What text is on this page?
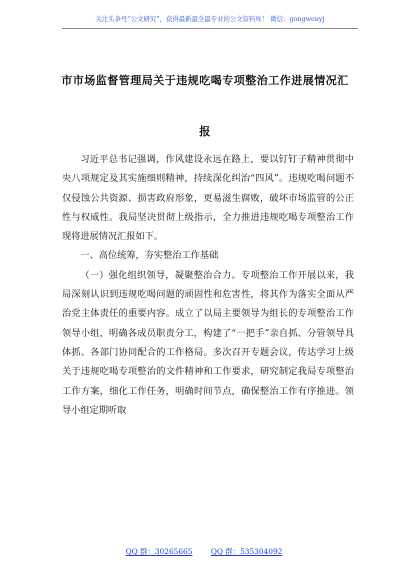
关注头条号“公文研究”，获得最新最全最专业的公文资料库！ 微信：gongwenyj
市市场监督管理局关于违规吃喝专项整治工作进展情况汇
报

习近平总书记强调，作风建设永远在路上，要以钉钉子精神贯彻中央八项规定及其实施细则精神，持续深化纠治“四风”。违规吃喝问题不仅侵蚀公共资源、损害政府形象，更易滋生腐败，破坏市场监管的公正性与权威性。我局坚决贯彻上级指示，全力推进违规吃喝专项整治工作现将进展情况汇报如下。

一、高位统筹，夯实整治工作基础

（一）强化组织领导，凝聚整治合力。专项整治工作开展以来，我局深刻认识到违规吃喝问题的顽固性和危害性，将其作为落实全面从严治党主体责任的重要内容。成立了以局主要领导为组长的专项整治工作领导小组，明确各成员职责分工，构建了“一把手”亲自抓、分管领导具体抓、各部门协同配合的工作格局。多次召开专题会议，传达学习上级关于违规吃喝专项整治的文件精神和工作要求，研究制定我局专项整治工作方案，细化工作任务，明确时间节点，确保整治工作有序推进。领导小组定期听取

QQ 群：30265665 QQ 群：535304092
